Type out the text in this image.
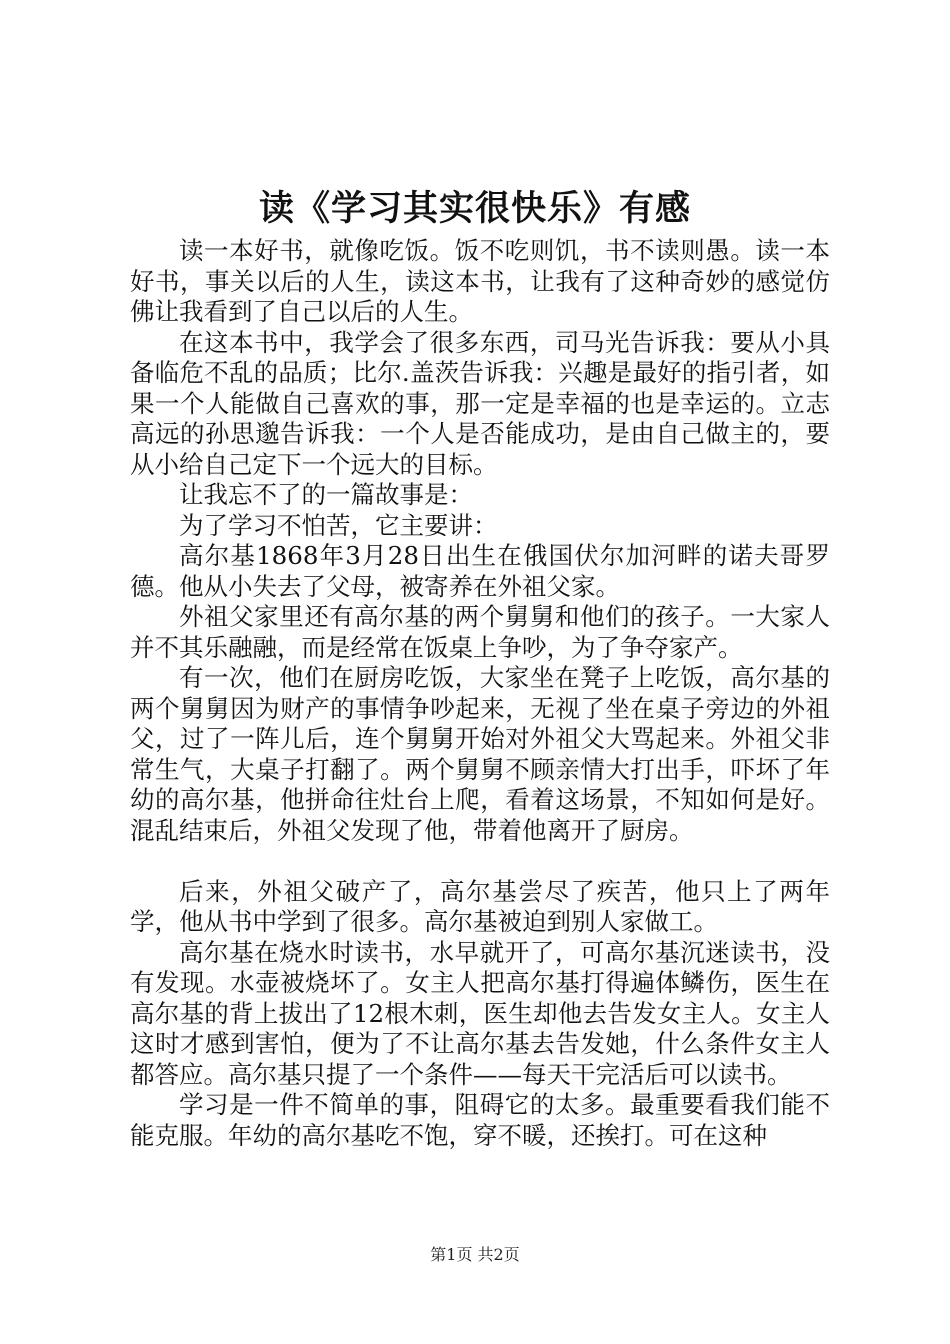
读《学习其实很快乐》有感

读一本好书，就像吃饭。饭不吃则饥，书不读则愚。读一本好书，事关以后的人生，读这本书，让我有了这种奇妙的感觉仿佛让我看到了自己以后的人生。

在这本书中，我学会了很多东西，司马光告诉我：要从小具备临危不乱的品质；比尔.盖茨告诉我：兴趣是最好的指引者，如果一个人能做自己喜欢的事，那一定是幸福的也是幸运的。立志高远的孙思邈告诉我：一个人是否能成功，是由自己做主的，要从小给自己定下一个远大的目标。

让我忘不了的一篇故事是：

为了学习不怕苦，它主要讲：

高尔基1868年3月28日出生在俄国伏尔加河畔的诺夫哥罗德。他从小失去了父母，被寄养在外祖父家。

外祖父家里还有高尔基的两个舅舅和他们的孩子。一大家人并不其乐融融，而是经常在饭桌上争吵，为了争夺家产。

有一次，他们在厨房吃饭，大家坐在凳子上吃饭，高尔基的两个舅舅因为财产的事情争吵起来，无视了坐在桌子旁边的外祖父，过了一阵儿后，连个舅舅开始对外祖父大骂起来。外祖父非常生气，大桌子打翻了。两个舅舅不顾亲情大打出手，吓坏了年幼的高尔基，他拼命往灶台上爬，看着这场景，不知如何是好。混乱结束后，外祖父发现了他，带着他离开了厨房。

后来，外祖父破产了，高尔基尝尽了疾苦，他只上了两年学，他从书中学到了很多。高尔基被迫到别人家做工。

高尔基在烧水时读书，水早就开了，可高尔基沉迷读书，没有发现。水壶被烧坏了。女主人把高尔基打得遍体鳞伤，医生在高尔基的背上拔出了12根木刺，医生却他去告发女主人。女主人这时才感到害怕，便为了不让高尔基去告发她，什么条件女主人都答应。高尔基只提了一个条件——每天干完活后可以读书。

学习是一件不简单的事，阻碍它的太多。最重要看我们能不能克服。年幼的高尔基吃不饱，穿不暖，还挨打。可在这种

第1页 共2页
